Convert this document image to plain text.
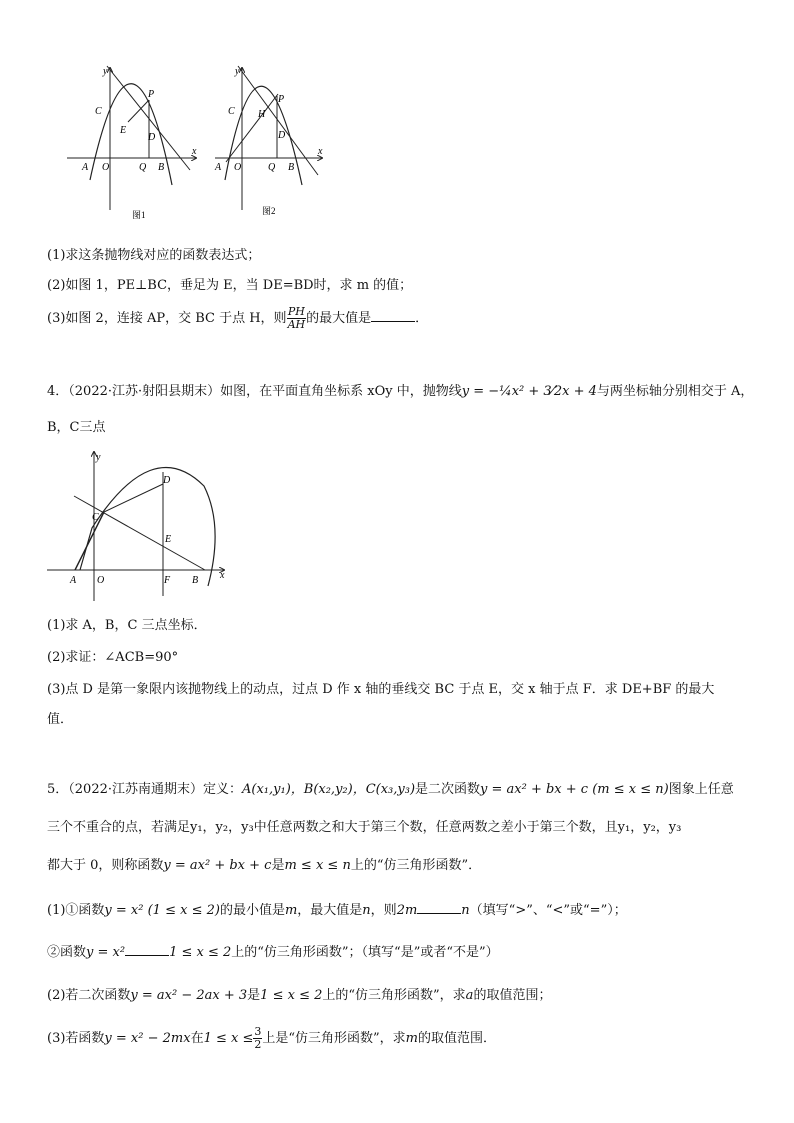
y
x
C
P
E
D
A O	Q B
图1
y
x
C
P
H
D
A O	Q B
图2
(1)求这条抛物线对应的函数表达式；
(2)如图 1，PE⊥BC，垂足为 E，当 DE=BD时，求 m 的值；
(3)如图 2，连接 AP，交 BC 于点 H，则 $\frac{PH}{AH}$ 的最大值是	．
4．（2022·江苏·射阳县期末）如图，在平面直角坐标系 xOy 中，抛物线y = −¼x² + 3⁄2x + 4与两坐标轴分别相交于 A，
B，C三点
y
x
D
C
E
A O	F B
(1)求 A，B，C 三点坐标．
(2)求证：∠ACB=90°
(3)点 D 是第一象限内该抛物线上的动点，过点 D 作 x 轴的垂线交 BC 于点 E，交 x 轴于点 F．求 DE+BF 的最大
值．
5．（2022·江苏南通期末）定义：A(x₁,y₁)，B(x₂,y₂)，C(x₃,y₃)是二次函数y = ax² + bx + c (m ≤ x ≤ n)图象上任意
三个不重合的点，若满足y₁，y₂，y₃中任意两数之和大于第三个数，任意两数之差小于第三个数，且y₁，y₂，y₃
都大于 0，则称函数y = ax² + bx + c是m ≤ x ≤ n上的“仿三角形函数”．
(1)①函数y = x² (1 ≤ x ≤ 2)的最小值是m，最大值是n，则2m	n（填写“>”、“<”或“=”）；
②函数y = x²	1 ≤ x ≤ 2上的“仿三角形函数”；（填写“是”或者“不是”）
(2)若二次函数y = ax² − 2ax + 3是1 ≤ x ≤ 2上的“仿三角形函数”，求a的取值范围；
(3)若函数y = x² − 2mx在$1 \le x \le \frac{3}{2}$ 上是“仿三角形函数”，求m的取值范围．
